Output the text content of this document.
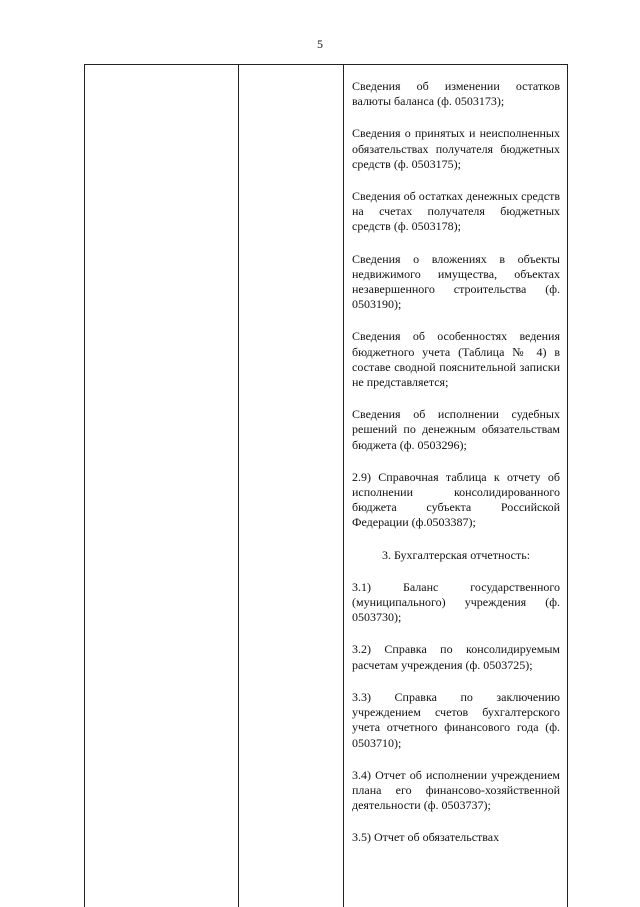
5

Сведения об изменении остатков валюты баланса (ф. 0503173);

Сведения о принятых и неисполненных обязательствах получателя бюджетных средств (ф. 0503175);

Сведения об остатках денежных средств на счетах получателя бюджетных средств (ф. 0503178);

Сведения о вложениях в объекты недвижимого имущества, объектах незавершенного строительства (ф. 0503190);

Сведения об особенностях ведения бюджетного учета (Таблица № 4) в составе сводной пояснительной записки не представляется;

Сведения об исполнении судебных решений по денежным обязательствам бюджета (ф. 0503296);

2.9) Справочная таблица к отчету об исполнении консолидированного бюджета субъекта Российской Федерации (ф.0503387);

3. Бухгалтерская отчетность:

3.1) Баланс государственного (муниципального) учреждения (ф. 0503730);

3.2) Справка по консолидируемым расчетам учреждения (ф. 0503725);

3.3) Справка по заключению учреждением счетов бухгалтерского учета отчетного финансового года (ф. 0503710);

3.4) Отчет об исполнении учреждением плана его финансово-хозяйственной деятельности (ф. 0503737);

3.5) Отчет об обязательствах
